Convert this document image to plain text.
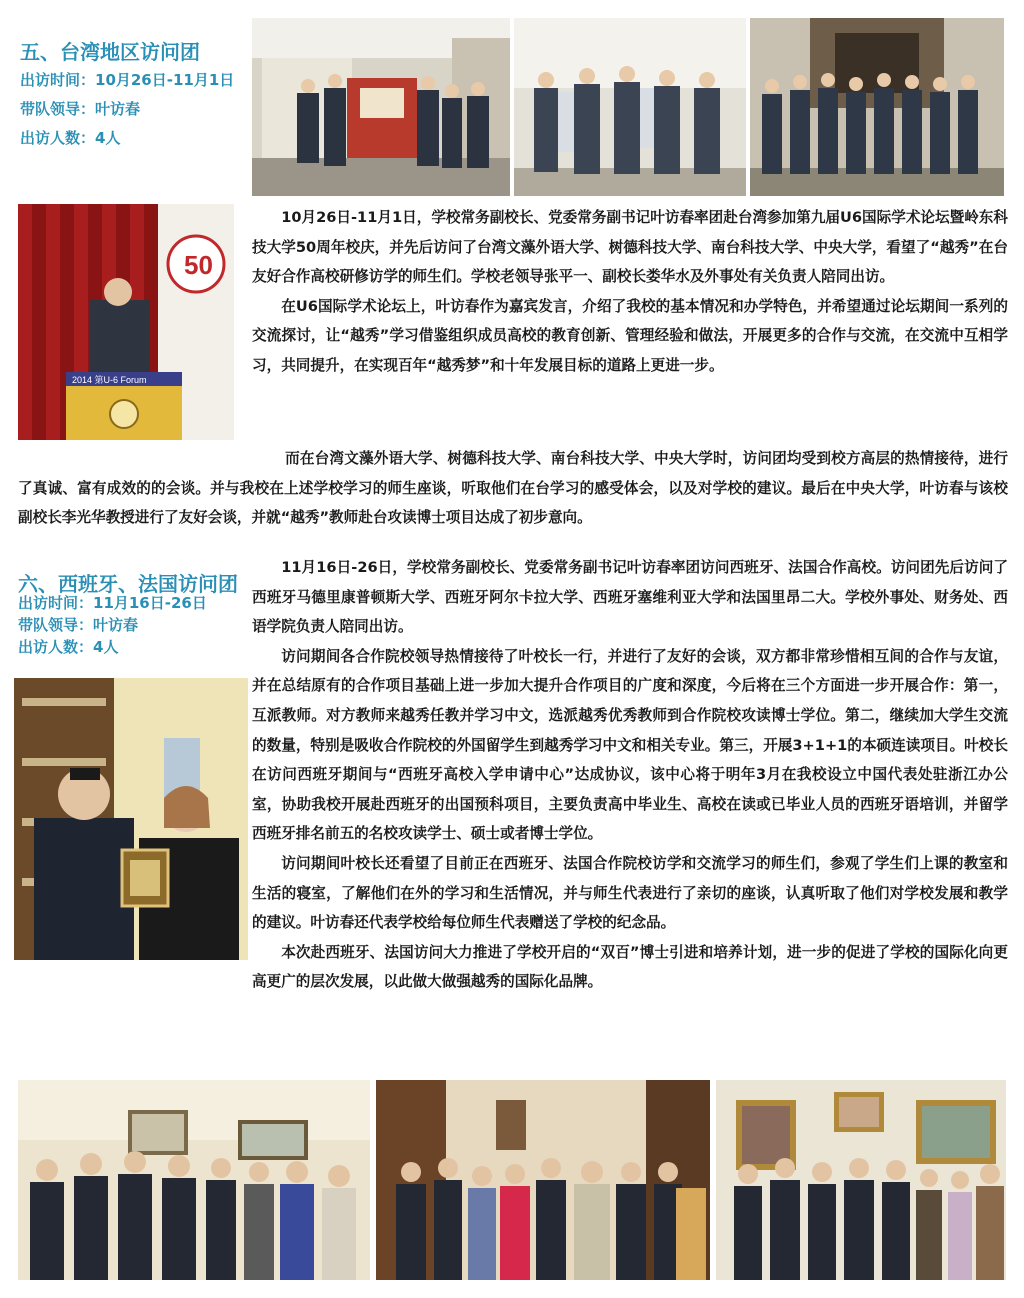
五、台湾地区访问团
出访时间：10月26日-11月1日
带队领导：叶访春
出访人数：4人
50
2014 第U-6 Forum

10月26日-11月1日，学校常务副校长、党委常务副书记叶访春率团赴台湾参加第九届U6国际学术论坛暨岭东科技大学50周年校庆，并先后访问了台湾文藻外语大学、树德科技大学、南台科技大学、中央大学，看望了“越秀”在台友好合作高校研修访学的师生们。学校老领导张平一、副校长娄华水及外事处有关负责人陪同出访。

在U6国际学术论坛上，叶访春作为嘉宾发言，介绍了我校的基本情况和办学特色，并希望通过论坛期间一系列的交流探讨，让“越秀”学习借鉴组织成员高校的教育创新、管理经验和做法，开展更多的合作与交流，在交流中互相学习，共同提升，在实现百年“越秀梦”和十年发展目标的道路上更进一步。

而在台湾文藻外语大学、树德科技大学、南台科技大学、中央大学时，访问团均受到校方高层的热情接待，进行了真诚、富有成效的的会谈。并与我校在上述学校学习的师生座谈，听取他们在台学习的感受体会，以及对学校的建议。最后在中央大学，叶访春与该校副校长李光华教授进行了友好会谈，并就“越秀”教师赴台攻读博士项目达成了初步意向。

六、西班牙、法国访问团
出访时间：11月16日-26日
带队领导：叶访春
出访人数：4人

11月16日-26日，学校常务副校长、党委常务副书记叶访春率团访问西班牙、法国合作高校。访问团先后访问了西班牙马德里康普顿斯大学、西班牙阿尔卡拉大学、西班牙塞维利亚大学和法国里昂二大。学校外事处、财务处、西语学院负责人陪同出访。

访问期间各合作院校领导热情接待了叶校长一行，并进行了友好的会谈，双方都非常珍惜相互间的合作与友谊，并在总结原有的合作项目基础上进一步加大提升合作项目的广度和深度，今后将在三个方面进一步开展合作：第一，互派教师。对方教师来越秀任教并学习中文，选派越秀优秀教师到合作院校攻读博士学位。第二，继续加大学生交流的数量，特别是吸收合作院校的外国留学生到越秀学习中文和相关专业。第三，开展3+1+1的本硕连读项目。叶校长在访问西班牙期间与“西班牙高校入学申请中心”达成协议，该中心将于明年3月在我校设立中国代表处驻浙江办公室，协助我校开展赴西班牙的出国预科项目，主要负责高中毕业生、高校在读或已毕业人员的西班牙语培训，并留学西班牙排名前五的名校攻读学士、硕士或者博士学位。

访问期间叶校长还看望了目前正在西班牙、法国合作院校访学和交流学习的师生们，参观了学生们上课的教室和生活的寝室，了解他们在外的学习和生活情况，并与师生代表进行了亲切的座谈，认真听取了他们对学校发展和教学的建议。叶访春还代表学校给每位师生代表赠送了学校的纪念品。

本次赴西班牙、法国访问大力推进了学校开启的“双百”博士引进和培养计划，进一步的促进了学校的国际化向更高更广的层次发展，以此做大做强越秀的国际化品牌。
